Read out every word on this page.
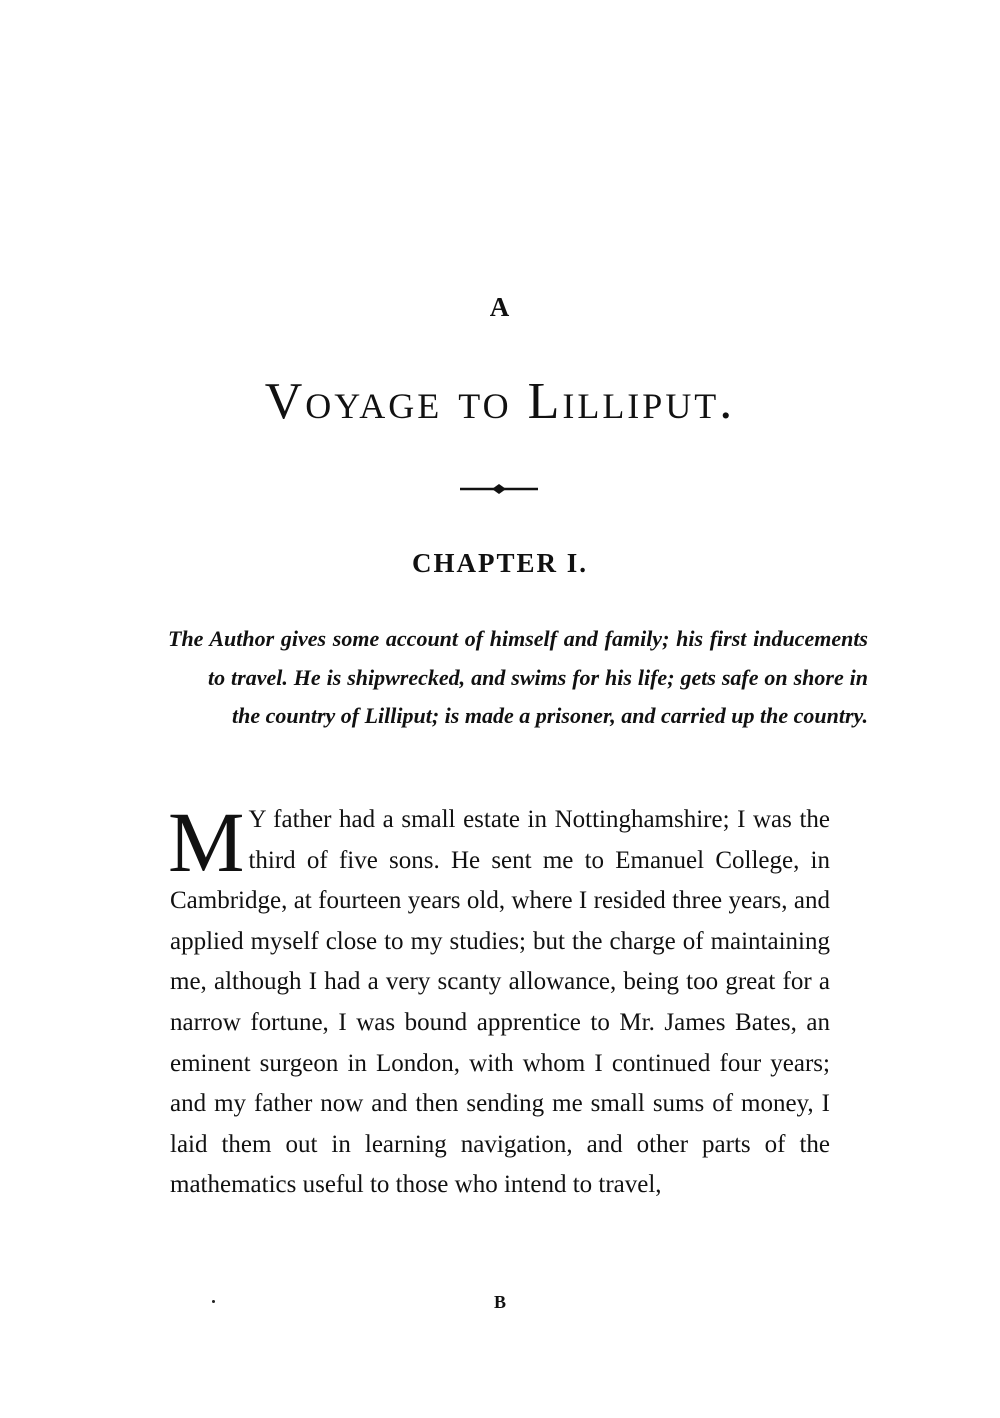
A
Voyage to Lilliput.
CHAPTER I.
The Author gives some account of himself and family; his first inducements to travel. He is shipwrecked, and swims for his life; gets safe on shore in the country of Lilliput; is made a prisoner, and carried up the country.
M Y father had a small estate in Nottinghamshire; I was the third of five sons. He sent me to Emanuel College, in Cambridge, at fourteen years old, where I resided three years, and applied myself close to my studies; but the charge of maintaining me, although I had a very scanty allowance, being too great for a narrow fortune, I was bound apprentice to Mr. James Bates, an eminent surgeon in London, with whom I continued four years; and my father now and then sending me small sums of money, I laid them out in learning navigation, and other parts of the mathematics useful to those who intend to travel,
B
